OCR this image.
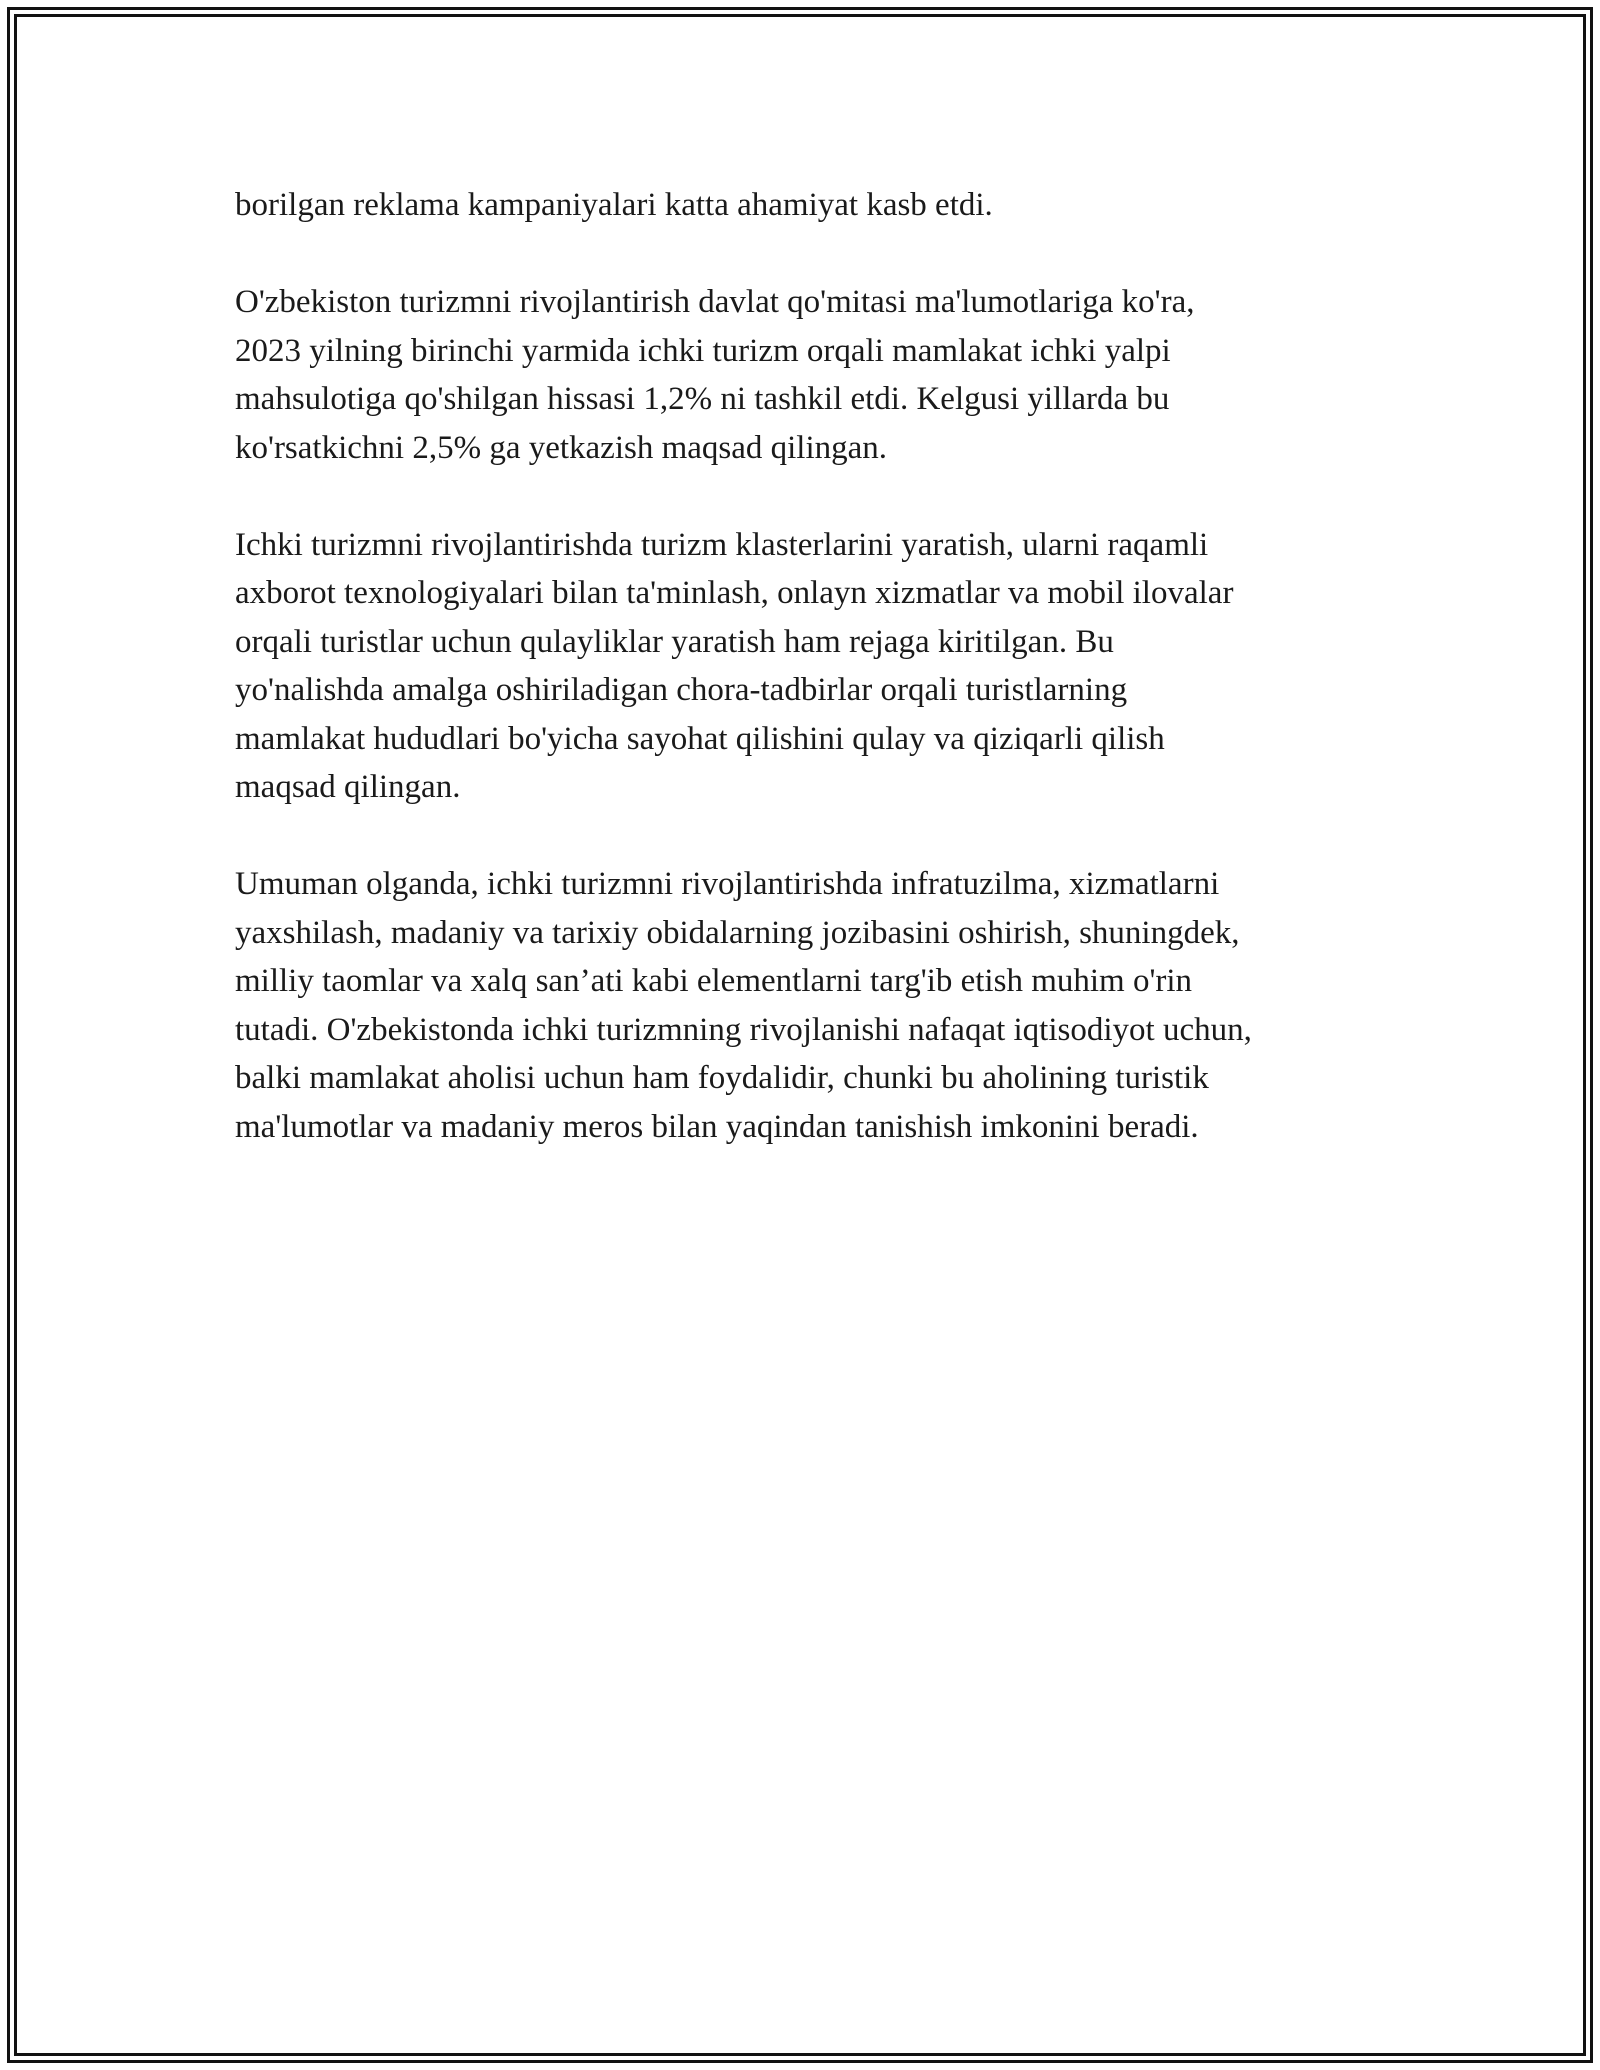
borilgan reklama kampaniyalari katta ahamiyat kasb etdi.

O'zbekiston turizmni rivojlantirish davlat qo'mitasi ma'lumotlariga ko'ra,
2023 yilning birinchi yarmida ichki turizm orqali mamlakat ichki yalpi
mahsulotiga qo'shilgan hissasi 1,2% ni tashkil etdi. Kelgusi yillarda bu
ko'rsatkichni 2,5% ga yetkazish maqsad qilingan.

Ichki turizmni rivojlantirishda turizm klasterlarini yaratish, ularni raqamli
axborot texnologiyalari bilan ta'minlash, onlayn xizmatlar va mobil ilovalar
orqali turistlar uchun qulayliklar yaratish ham rejaga kiritilgan. Bu
yo'nalishda amalga oshiriladigan chora-tadbirlar orqali turistlarning
mamlakat hududlari bo'yicha sayohat qilishini qulay va qiziqarli qilish
maqsad qilingan.

Umuman olganda, ichki turizmni rivojlantirishda infratuzilma, xizmatlarni
yaxshilash, madaniy va tarixiy obidalarning jozibasini oshirish, shuningdek,
milliy taomlar va xalq san’ati kabi elementlarni targ'ib etish muhim o'rin
tutadi. O'zbekistonda ichki turizmning rivojlanishi nafaqat iqtisodiyot uchun,
balki mamlakat aholisi uchun ham foydalidir, chunki bu aholining turistik
ma'lumotlar va madaniy meros bilan yaqindan tanishish imkonini beradi.
